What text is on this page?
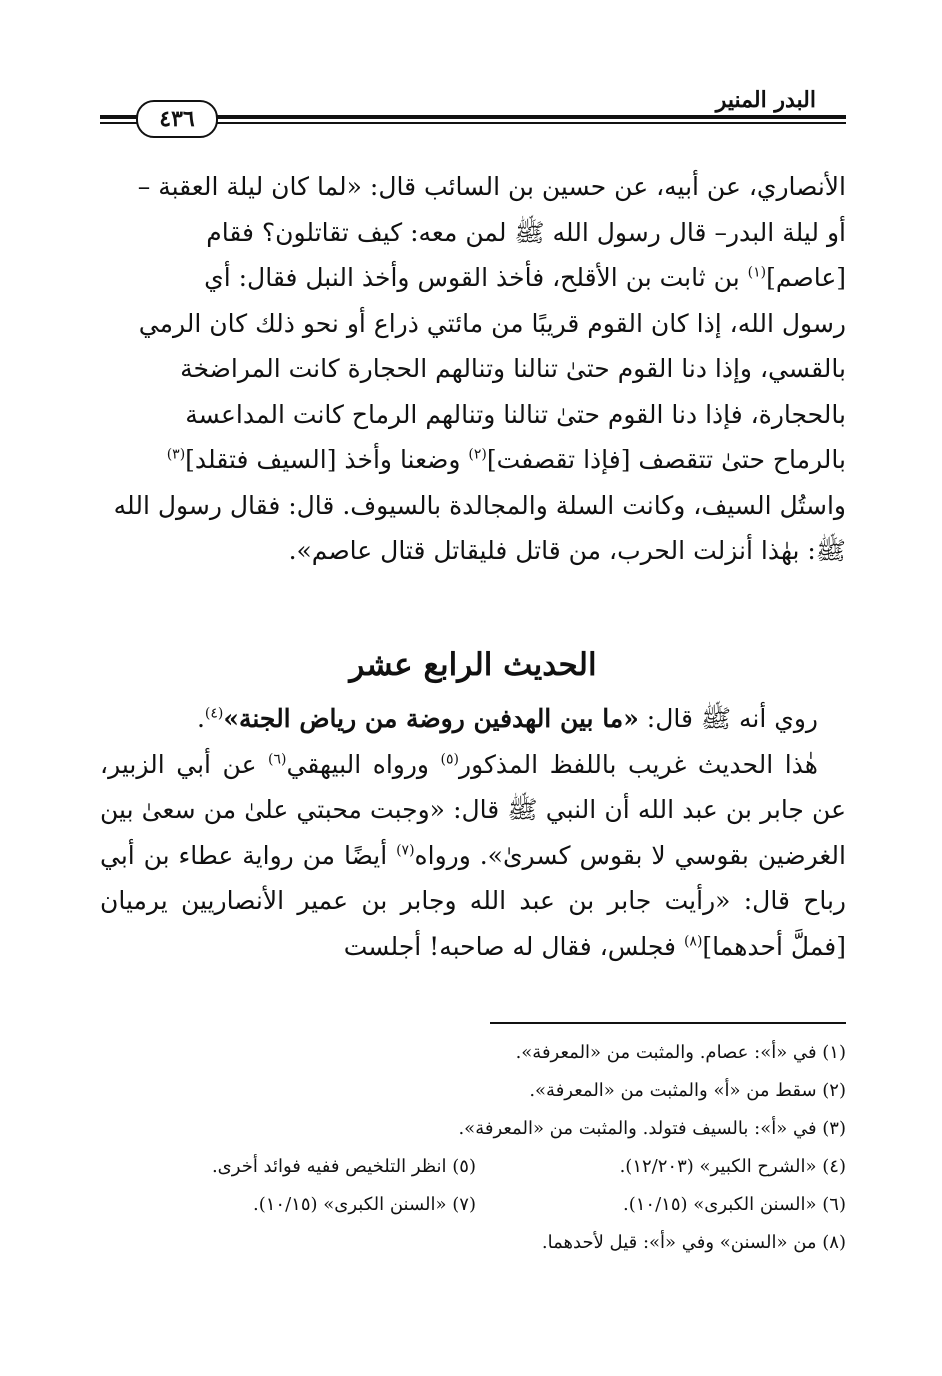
البدر المنير
٤٣٦

الأنصاري، عن أبيه، عن حسين بن السائب قال: «لما كان ليلة العقبة –

أو ليلة البدر– قال رسول الله ﷺ لمن معه: كيف تقاتلون؟ فقام

[عاصم]$^{(١)}$ بن ثابت بن الأقلح، فأخذ القوس وأخذ النبل فقال: أي

رسول الله، إذا كان القوم قريبًا من مائتي ذراع أو نحو ذلك كان الرمي

بالقسي، وإذا دنا القوم حتىٰ تنالنا وتنالهم الحجارة كانت المراضخة

بالحجارة، فإذا دنا القوم حتىٰ تنالنا وتنالهم الرماح كانت المداعسة

بالرماح حتىٰ تتقصف [فإذا تقصفت]$^{(٢)}$ وضعنا وأخذ [السيف فتقلد]$^{(٣)}$

واستُل السيف، وكانت السلة والمجالدة بالسيوف. قال: فقال رسول الله

ﷺ: بهٰذا أنزلت الحرب، من قاتل فليقاتل قتال عاصم».

الحديث الرابع عشر

روي أنه ﷺ قال: «ما بين الهدفين روضة من رياض الجنة»$^{(٤)}$.

هٰذا الحديث غريب باللفظ المذكور$^{(٥)}$ ورواه البيهقي$^{(٦)}$ عن أبي الزبير، عن جابر بن عبد الله أن النبي ﷺ قال: «وجبت محبتي علىٰ من سعىٰ بين الغرضين بقوسي لا بقوس كسرىٰ». ورواه$^{(٧)}$ أيضًا من رواية عطاء بن أبي رباح قال: «رأيت جابر بن عبد الله وجابر بن عمير الأنصاريين يرميان [فملَّ أحدهما]$^{(٨)}$ فجلس، فقال له صاحبه! أجلست

(١) في «أ»: عصام. والمثبت من «المعرفة».
(٢) سقط من «أ» والمثبت من «المعرفة».
(٣) في «أ»: بالسيف فتولد. والمثبت من «المعرفة».
(٤) «الشرح الكبير» (١٢/٢٠٣).
(٥) انظر التلخيص ففيه فوائد أخرى.
(٦) «السنن الكبرى» (١٠/١٥).
(٧) «السنن الكبرى» (١٠/١٥).
(٨) من «السنن» وفي «أ»: قيل لأحدهما.
